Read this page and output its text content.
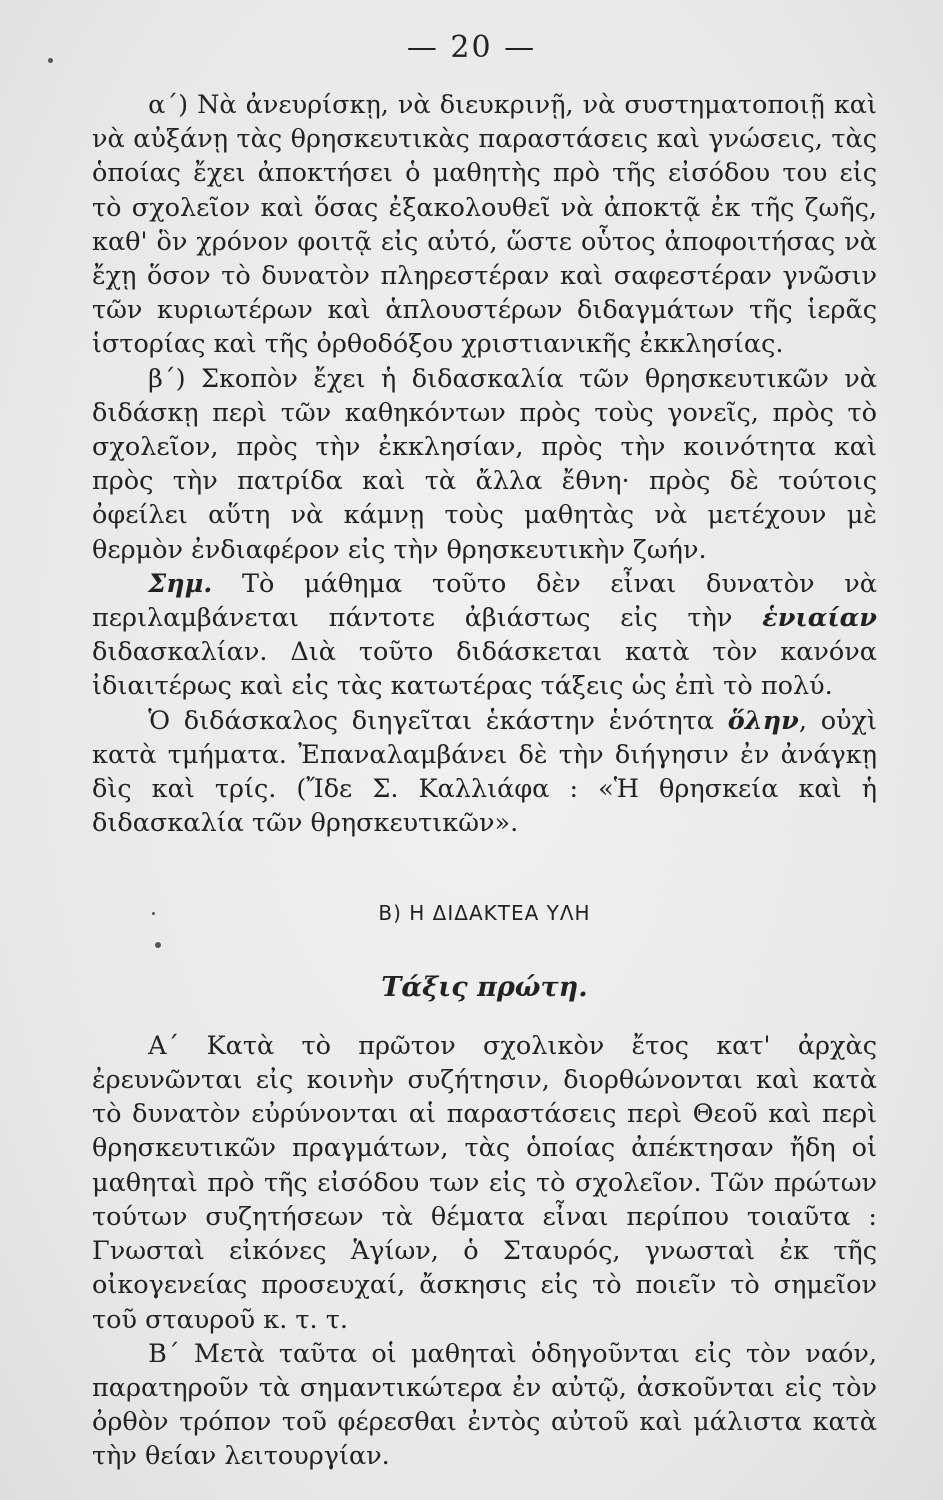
— 20 —

α΄) Νὰ ἀνευρίσκῃ, νὰ διευκρινῇ, νὰ συστηματοποιῇ καὶ νὰ αὐξάνῃ τὰς θρησκευτικὰς παραστάσεις καὶ γνώσεις, τὰς ὁποίας ἔχει ἀποκτήσει ὁ μαθητὴς πρὸ τῆς εἰσόδου του εἰς τὸ σχολεῖον καὶ ὅσας ἐξακολουθεῖ νὰ ἀποκτᾷ ἐκ τῆς ζωῆς, καθ' ὃν χρόνον φοιτᾷ εἰς αὐτό, ὥστε οὗτος ἀποφοιτήσας νὰ ἔχῃ ὅσον τὸ δυνατὸν πληρεστέραν καὶ σαφεστέραν γνῶσιν τῶν κυριωτέρων καὶ ἁπλουστέρων διδαγμάτων τῆς ἱερᾶς ἱστορίας καὶ τῆς ὀρθοδόξου χριστιανικῆς ἐκκλησίας.

β΄) Σκοπὸν ἔχει ἡ διδασκαλία τῶν θρησκευτικῶν νὰ διδάσκῃ περὶ τῶν καθηκόντων πρὸς τοὺς γονεῖς, πρὸς τὸ σχολεῖον, πρὸς τὴν ἐκκλησίαν, πρὸς τὴν κοινότητα καὶ πρὸς τὴν πατρίδα καὶ τὰ ἄλλα ἔθνη· πρὸς δὲ τούτοις ὀφείλει αὕτη νὰ κάμνῃ τοὺς μαθητὰς νὰ μετέχουν μὲ θερμὸν ἐνδιαφέρον εἰς τὴν θρησκευτικὴν ζωήν.

Σημ. Τὸ μάθημα τοῦτο δὲν εἶναι δυνατὸν νὰ περιλαμβάνεται πάντοτε ἀβιάστως εἰς τὴν ἑνιαίαν διδασκαλίαν. Διὰ τοῦτο διδάσκεται κατὰ τὸν κανόνα ἰδιαιτέρως καὶ εἰς τὰς κατωτέρας τάξεις ὡς ἐπὶ τὸ πολύ.

Ὁ διδάσκαλος διηγεῖται ἑκάστην ἑνότητα ὅλην, οὐχὶ κατὰ τμήματα. Ἐπαναλαμβάνει δὲ τὴν διήγησιν ἐν ἀνάγκῃ δὶς καὶ τρίς. (Ἴδε Σ. Καλλιάφα : «Ἡ θρησκεία καὶ ἡ διδασκαλία τῶν θρησκευτικῶν».

Β) Η ΔΙΔΑΚΤΕΑ ΥΛΗ
Τάξις πρώτη.

Α΄ Κατὰ τὸ πρῶτον σχολικὸν ἔτος κατ' ἀρχὰς ἐρευνῶνται εἰς κοινὴν συζήτησιν, διορθώνονται καὶ κατὰ τὸ δυνατὸν εὐρύνονται αἱ παραστάσεις περὶ Θεοῦ καὶ περὶ θρησκευτικῶν πραγμάτων, τὰς ὁποίας ἀπέκτησαν ἤδη οἱ μαθηταὶ πρὸ τῆς εἰσόδου των εἰς τὸ σχολεῖον. Τῶν πρώτων τούτων συζητήσεων τὰ θέματα εἶναι περίπου τοιαῦτα : Γνωσταὶ εἰκόνες Ἁγίων, ὁ Σταυρός, γνωσταὶ ἐκ τῆς οἰκογενείας προσευχαί, ἄσκησις εἰς τὸ ποιεῖν τὸ σημεῖον τοῦ σταυροῦ κ. τ. τ.

Β΄ Μετὰ ταῦτα οἱ μαθηταὶ ὁδηγοῦνται εἰς τὸν ναόν, παρατηροῦν τὰ σημαντικώτερα ἐν αὐτῷ, ἀσκοῦνται εἰς τὸν ὀρθὸν τρόπον τοῦ φέρεσθαι ἐντὸς αὐτοῦ καὶ μάλιστα κατὰ τὴν θείαν λειτουργίαν.
